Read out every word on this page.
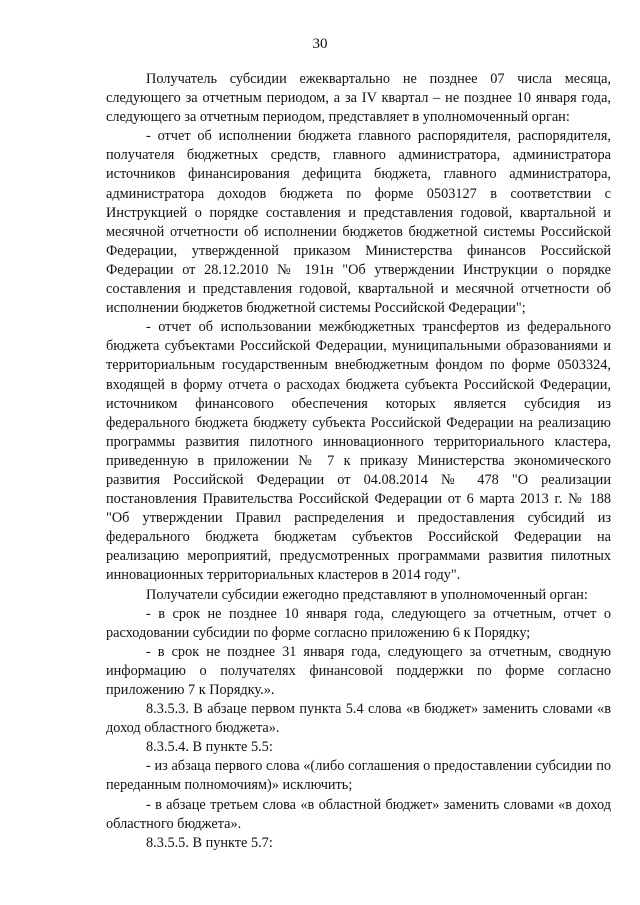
30

Получатель субсидии ежеквартально не позднее 07 числа месяца, следующего за отчетным периодом, а за IV квартал – не позднее 10 января года, следующего за отчетным периодом, представляет в уполномоченный орган:

- отчет об исполнении бюджета главного распорядителя, распорядителя, получателя бюджетных средств, главного администратора, администратора источников финансирования дефицита бюджета, главного администратора, администратора доходов бюджета по форме 0503127 в соответствии с Инструкцией о порядке составления и представления годовой, квартальной и месячной отчетности об исполнении бюджетов бюджетной системы Российской Федерации, утвержденной приказом Министерства финансов Российской Федерации от 28.12.2010 № 191н "Об утверждении Инструкции о порядке составления и представления годовой, квартальной и месячной отчетности об исполнении бюджетов бюджетной системы Российской Федерации";

- отчет об использовании межбюджетных трансфертов из федерального бюджета субъектами Российской Федерации, муниципальными образованиями и территориальным государственным внебюджетным фондом по форме 0503324, входящей в форму отчета о расходах бюджета субъекта Российской Федерации, источником финансового обеспечения которых является субсидия из федерального бюджета бюджету субъекта Российской Федерации на реализацию программы развития пилотного инновационного территориального кластера, приведенную в приложении № 7 к приказу Министерства экономического развития Российской Федерации от 04.08.2014 № 478 "О реализации постановления Правительства Российской Федерации от 6 марта 2013 г. № 188 "Об утверждении Правил распределения и предоставления субсидий из федерального бюджета бюджетам субъектов Российской Федерации на реализацию мероприятий, предусмотренных программами развития пилотных инновационных территориальных кластеров в 2014 году".

Получатели субсидии ежегодно представляют в уполномоченный орган:

- в срок не позднее 10 января года, следующего за отчетным, отчет о расходовании субсидии по форме согласно приложению 6 к Порядку;

- в срок не позднее 31 января года, следующего за отчетным, сводную информацию о получателях финансовой поддержки по форме согласно приложению 7 к Порядку.».

8.3.5.3. В абзаце первом пункта 5.4 слова «в бюджет» заменить словами «в доход областного бюджета».

8.3.5.4. В пункте 5.5:

- из абзаца первого слова «(либо соглашения о предоставлении субсидии по переданным полномочиям)» исключить;

- в абзаце третьем слова «в областной бюджет» заменить словами «в доход областного бюджета».

8.3.5.5. В пункте 5.7:
